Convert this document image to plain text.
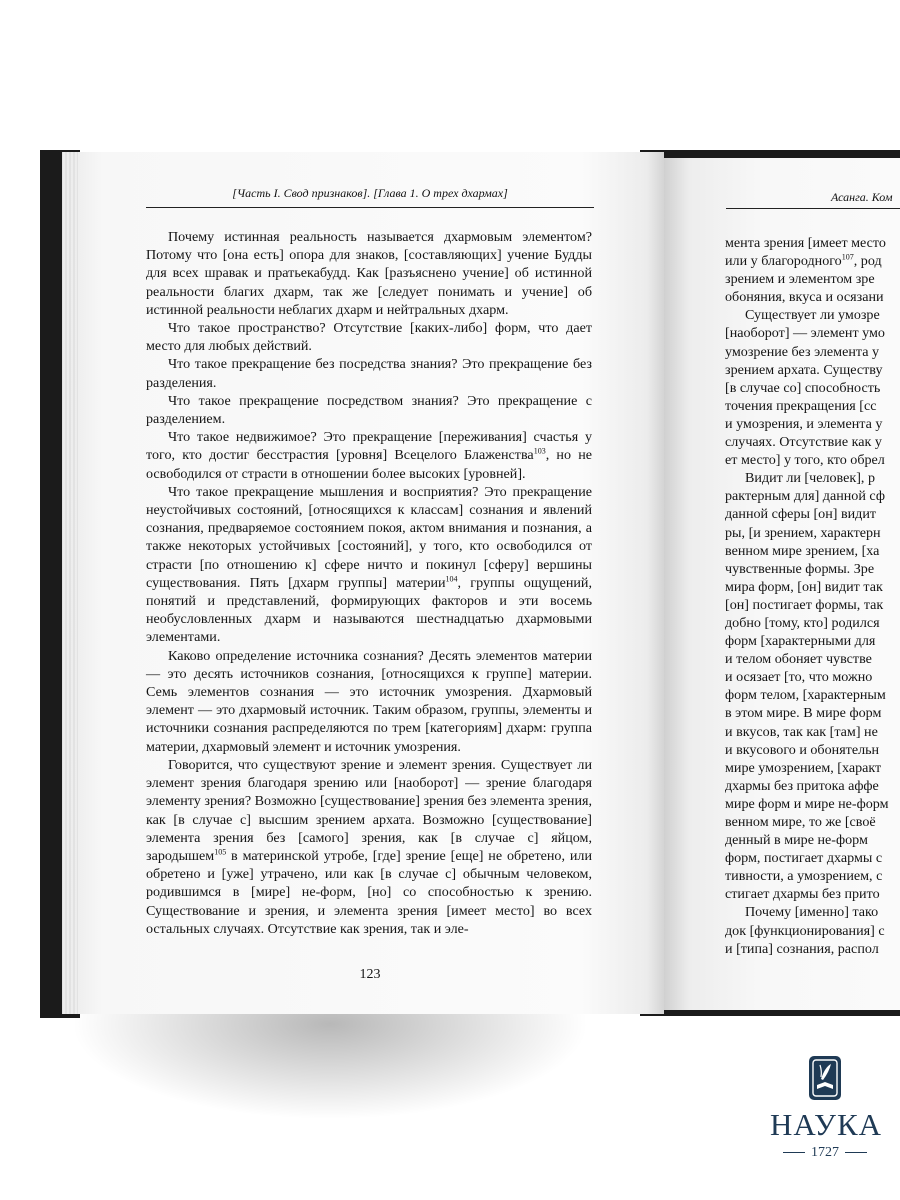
[Часть I. Свод признаков]. [Глава 1. О трех дхармах]

Почему истинная реальность называется дхармовым элементом? Потому что [она есть] опора для знаков, [составляющих] учение Будды для всех шравак и пратьекабудд. Как [разъяснено учение] об истинной реальности благих дхарм, так же [следует понимать и учение] об истинной реальности неблагих дхарм и нейтральных дхарм.

Что такое пространство? Отсутствие [каких-либо] форм, что дает место для любых действий.

Что такое прекращение без посредства знания? Это прекращение без разделения.

Что такое прекращение посредством знания? Это прекращение с разделением.

Что такое недвижимое? Это прекращение [переживания] счастья у того, кто достиг бесстрастия [уровня] Всецелого Блаженства$^{103}$, но не освободился от страсти в отношении более высоких [уровней].

Что такое прекращение мышления и восприятия? Это прекращение неустойчивых состояний, [относящихся к классам] сознания и явлений сознания, предваряемое состоянием покоя, актом внимания и познания, а также некоторых устойчивых [состояний], у того, кто освободился от страсти [по отношению к] сфере ничто и покинул [сферу] вершины существования. Пять [дхарм группы] материи$^{104}$, группы ощущений, понятий и представлений, формирующих факторов и эти восемь необусловленных дхарм и называются шестнадцатью дхармовыми элементами.

Каково определение источника сознания? Десять элементов материи — это десять источников сознания, [относящихся к группе] материи. Семь элементов сознания — это источник умозрения. Дхармовый элемент — это дхармовый источник. Таким образом, группы, элементы и источники сознания распределяются по трем [категориям] дхарм: группа материи, дхармовый элемент и источник умозрения.

Говорится, что существуют зрение и элемент зрения. Существует ли элемент зрения благодаря зрению или [наоборот] — зрение благодаря элементу зрения? Возможно [существование] зрения без элемента зрения, как [в случае с] высшим зрением архата. Возможно [существование] элемента зрения без [самого] зрения, как [в случае с] яйцом, зародышем$^{105}$ в материнской утробе, [где] зрение [еще] не обретено, или обретено и [уже] утрачено, или как [в случае с] обычным человеком, родившимся в [мире] не-форм, [но] со способностью к зрению. Существование и зрения, и элемента зрения [имеет место] во всех остальных случаях. Отсутствие как зрения, так и эле-

123
Асанга. Ком
мента зрения [имеет место
или у благородного$^{107}$, род
зрением и элементом зре
обоняния, вкуса и осязани
Существует ли умозре
[наоборот] — элемент умо
умозрение без элемента у
зрением архата. Существу
[в случае со] способность
точения прекращения [сс
и умозрения, и элемента у
случаях. Отсутствие как у
ет место] у того, кто обрел
Видит ли [человек], р
рактерным для] данной сф
данной сферы [он] видит
ры, [и зрением, характерн
венном мире зрением, [ха
чувственные формы. Зре
мира форм, [он] видит так
[он] постигает формы, так
добно [тому, кто] родился
форм [характерными для
и телом обоняет чувстве
и осязает [то, что можно
форм телом, [характерным
в этом мире. В мире форм
и вкусов, так как [там] не
и вкусового и обонятельн
мире умозрением, [характ
дхармы без притока аффе
мире форм и мире не-форм
венном мире, то же [своё
денный в мире не-форм
форм, постигает дхармы с
тивности, а умозрением, с
стигает дхармы без прито
Почему [именно] тако
док [функционирования] с
и [типа] сознания, распол
НАУКА
1727
